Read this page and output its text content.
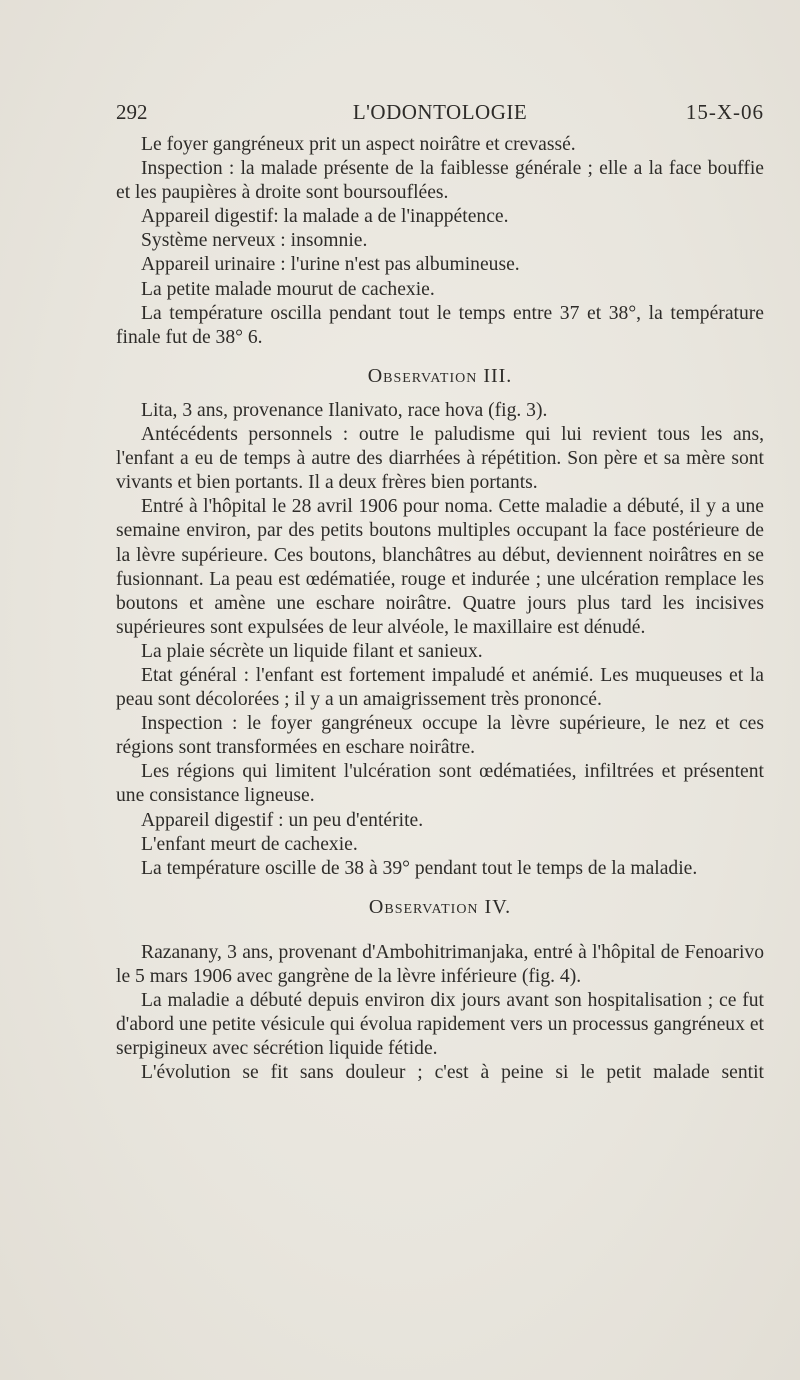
292	L'ODONTOLOGIE	15-X-06

Le foyer gangréneux prit un aspect noirâtre et crevassé.

Inspection : la malade présente de la faiblesse générale ; elle a la face bouffie et les paupières à droite sont boursouflées.

Appareil digestif: la malade a de l'inappétence.

Système nerveux : insomnie.

Appareil urinaire : l'urine n'est pas albumineuse.

La petite malade mourut de cachexie.

La température oscilla pendant tout le temps entre 37 et 38°, la température finale fut de 38° 6.

Observation III.

Lita, 3 ans, provenance Ilanivato, race hova (fig. 3).

Antécédents personnels : outre le paludisme qui lui revient tous les ans, l'enfant a eu de temps à autre des diarrhées à répétition. Son père et sa mère sont vivants et bien portants. Il a deux frères bien portants.

Entré à l'hôpital le 28 avril 1906 pour noma. Cette maladie a débuté, il y a une semaine environ, par des petits boutons multiples occupant la face postérieure de la lèvre supérieure. Ces boutons, blanchâtres au début, deviennent noirâtres en se fusionnant. La peau est œdématiée, rouge et indurée ; une ulcération remplace les boutons et amène une eschare noirâtre. Quatre jours plus tard les incisives supérieures sont expulsées de leur alvéole, le maxillaire est dénudé.

La plaie sécrète un liquide filant et sanieux.

Etat général : l'enfant est fortement impaludé et anémié. Les muqueuses et la peau sont décolorées ; il y a un amaigrissement très prononcé.

Inspection : le foyer gangréneux occupe la lèvre supérieure, le nez et ces régions sont transformées en eschare noirâtre.

Les régions qui limitent l'ulcération sont œdématiées, infiltrées et présentent une consistance ligneuse.

Appareil digestif : un peu d'entérite.

L'enfant meurt de cachexie.

La température oscille de 38 à 39° pendant tout le temps de la maladie.

Observation IV.

Razanany, 3 ans, provenant d'Ambohitrimanjaka, entré à l'hôpital de Fenoarivo le 5 mars 1906 avec gangrène de la lèvre inférieure (fig. 4).

La maladie a débuté depuis environ dix jours avant son hospitalisation ; ce fut d'abord une petite vésicule qui évolua rapidement vers un processus gangréneux et serpigineux avec sécrétion liquide fétide.

L'évolution se fit sans douleur ; c'est à peine si le petit malade sentit
